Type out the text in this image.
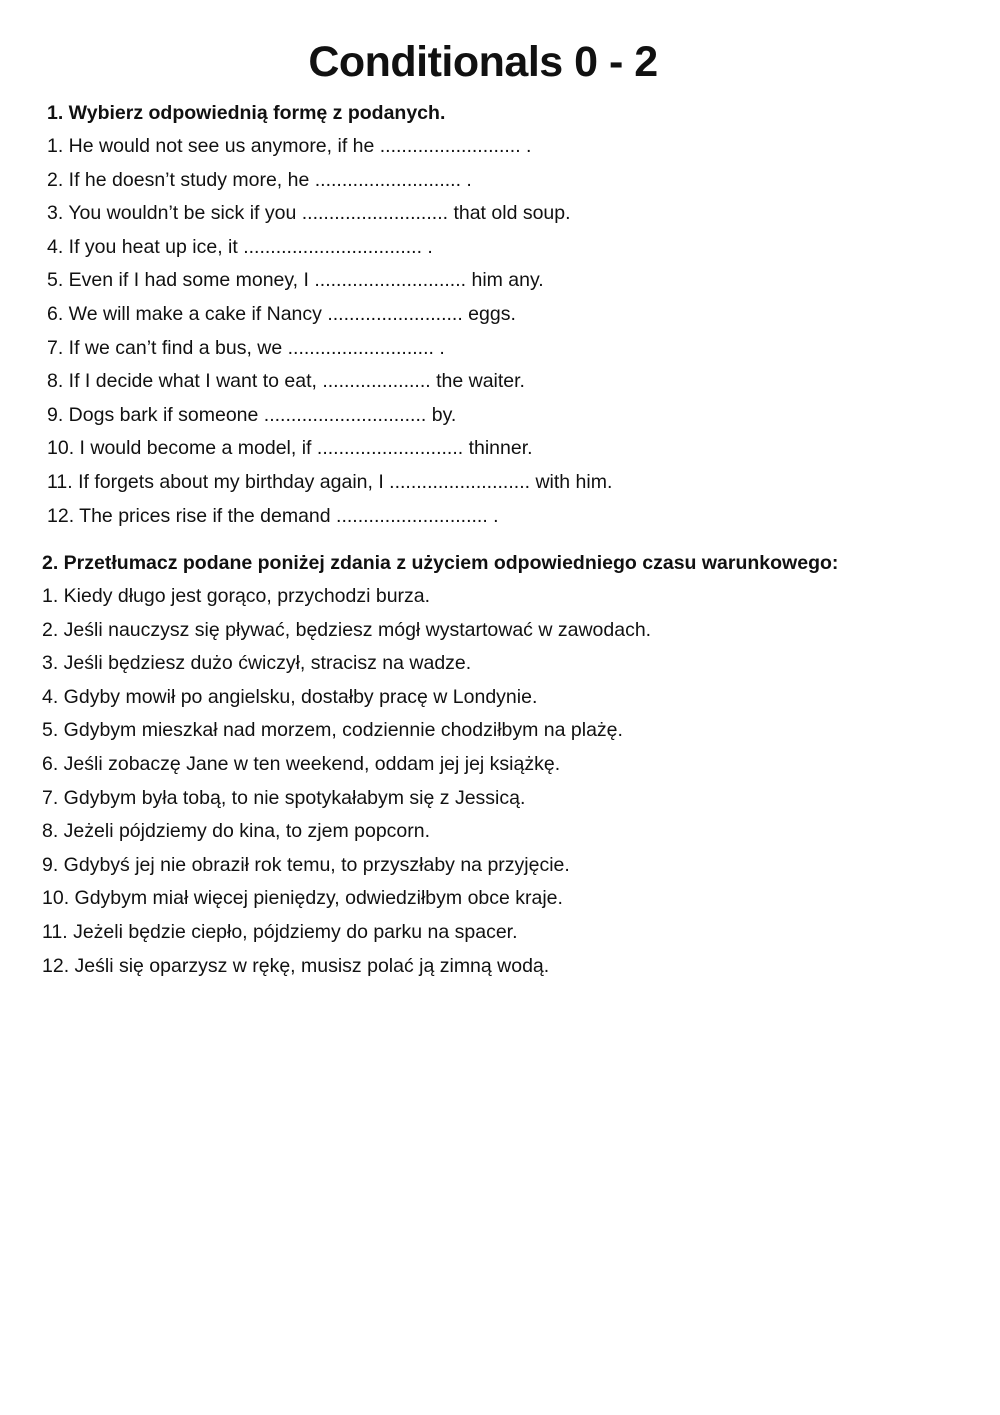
Conditionals 0 - 2

1. Wybierz odpowiednią formę z podanych.

1. He would not see us anymore, if he .......................... .
2. If he doesn’t study more, he ........................... .
3. You wouldn’t be sick if you ........................... that old soup.
4. If you heat up ice, it ................................. .
5. Even if I had some money, I ............................ him any.
6. We will make a cake if Nancy ......................... eggs.
7. If we can’t find a bus, we ........................... .
8. If I decide what I want to eat, .................... the waiter.
9. Dogs bark if someone .............................. by.
10. I would become a model, if ........................... thinner.
11. If forgets about my birthday again, I .......................... with him.
12. The prices rise if the demand ............................ .

2. Przetłumacz podane poniżej zdania z użyciem odpowiedniego czasu warunkowego:

1. Kiedy długo jest gorąco, przychodzi burza.
2. Jeśli nauczysz się pływać, będziesz mógł wystartować w zawodach.
3. Jeśli będziesz dużo ćwiczył, stracisz na wadze.
4. Gdyby mowił po angielsku, dostałby pracę w Londynie.
5. Gdybym mieszkał nad morzem, codziennie chodziłbym na plażę.
6. Jeśli zobaczę Jane w ten weekend, oddam jej jej książkę.
7. Gdybym była tobą, to nie spotykałabym się z Jessicą.
8. Jeżeli pójdziemy do kina, to zjem popcorn.
9. Gdybyś jej nie obraził rok temu, to przyszłaby na przyjęcie.
10. Gdybym miał więcej pieniędzy, odwiedziłbym obce kraje.
11. Jeżeli będzie ciepło, pójdziemy do parku na spacer.
12. Jeśli się oparzysz w rękę, musisz polać ją zimną wodą.
